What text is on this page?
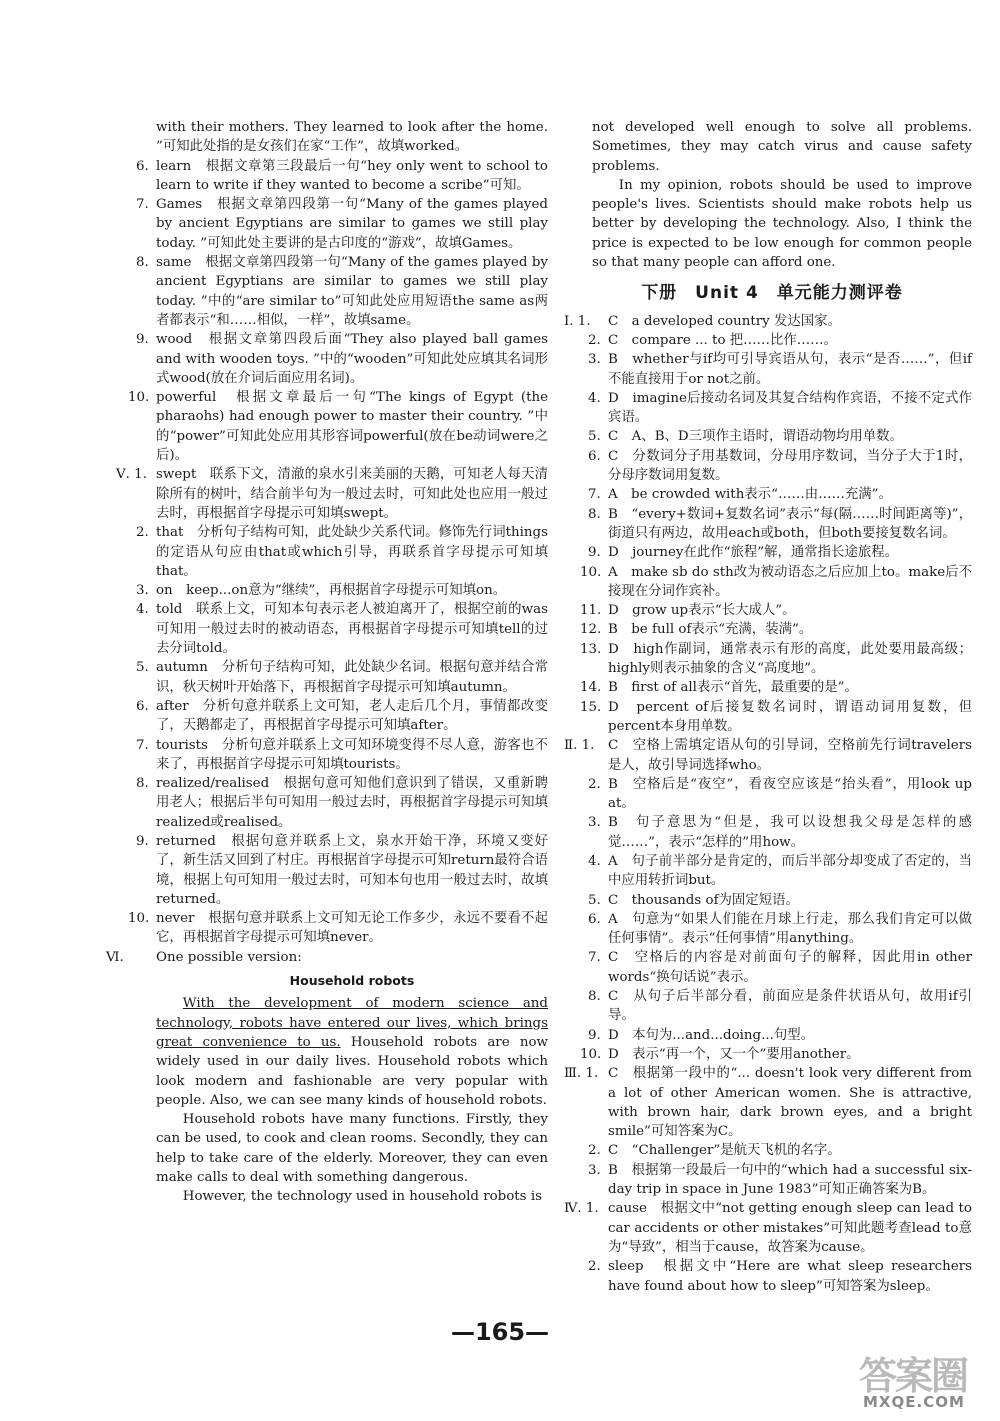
with their mothers. They learned to look after the home. ”可知此处指的是女孩们在家“工作”，故填worked。

6. learn　根据文章第三段最后一句“hey only went to school to learn to write if they wanted to become a scribe”可知。

7. Games　根据文章第四段第一句“Many of the games played by ancient Egyptians are similar to games we still play today. ”可知此处主要讲的是古印度的“游戏”，故填Games。

8. same　根据文章第四段第一句“Many of the games played by ancient Egyptians are similar to games we still play today. ”中的“are similar to”可知此处应用短语the same as两者都表示“和……相似，一样”，故填same。

9. wood　根据文章第四段后面“They also played ball games and with wooden toys. ”中的“wooden”可知此处应填其名词形式wood(放在介词后面应用名词)。

10. powerful　根据文章最后一句“The kings of Egypt (the pharaohs) had enough power to master their country. ”中的“power”可知此处应用其形容词powerful(放在be动词were之后)。

Ⅴ. 1. swept　联系下文，清澈的泉水引来美丽的天鹅，可知老人每天清除所有的树叶，结合前半句为一般过去时，可知此处也应用一般过去时，再根据首字母提示可知填swept。

2. that　分析句子结构可知，此处缺少关系代词。修饰先行词things的定语从句应由that或which引导，再联系首字母提示可知填that。

3. on　keep...on意为“继续”，再根据首字母提示可知填on。

4. told　联系上文，可知本句表示老人被迫离开了，根据空前的was可知用一般过去时的被动语态，再根据首字母提示可知填tell的过去分词told。

5. autumn　分析句子结构可知，此处缺少名词。根据句意并结合常识，秋天树叶开始落下，再根据首字母提示可知填autumn。

6. after　分析句意并联系上文可知，老人走后几个月，事情都改变了，天鹅都走了，再根据首字母提示可知填after。

7. tourists　分析句意并联系上文可知环境变得不尽人意，游客也不来了，再根据首字母提示可知填tourists。

8. realized/realised　根据句意可知他们意识到了错误，又重新聘用老人；根据后半句可知用一般过去时，再根据首字母提示可知填realized或realised。

9. returned　根据句意并联系上文，泉水开始干净，环境又变好了，新生活又回到了村庄。再根据首字母提示可知return最符合语境，根据上句可知用一般过去时，可知本句也用一般过去时，故填returned。

10. never　根据句意并联系上文可知无论工作多少，永远不要看不起它，再根据首字母提示可知填never。

Ⅵ. One possible version:

Household robots

With the development of modern science and technology, robots have entered our lives, which brings great convenience to us. Household robots are now widely used in our daily lives. Household robots which look modern and fashionable are very popular with people. Also, we can see many kinds of household robots.

Household robots have many functions. Firstly, they can be used, to cook and clean rooms. Secondly, they can help to take care of the elderly. Moreover, they can even make calls to deal with something dangerous.

However, the technology used in household robots is

not developed well enough to solve all problems. Sometimes, they may catch virus and cause safety problems.

In my opinion, robots should be used to improve people's lives. Scientists should make robots help us better by developing the technology. Also, I think the price is expected to be low enough for common people so that many people can afford one.

下册　Unit 4　单元能力测评卷

Ⅰ. 1. C　a developed country 发达国家。

2. C　compare ... to 把……比作……。

3. B　whether与if均可引导宾语从句，表示“是否……”，但if不能直接用于or not之前。

4. D　imagine后接动名词及其复合结构作宾语，不接不定式作宾语。

5. C　A、B、D三项作主语时，谓语动物均用单数。

6. C　分数词分子用基数词，分母用序数词，当分子大于1时，分母序数词用复数。

7. A　be crowded with表示“……由……充满”。

8. B　“every+数词+复数名词”表示“每(隔……时间距离等)”，街道只有两边，故用each或both，但both要接复数名词。

9. D　journey在此作“旅程”解，通常指长途旅程。

10. A　make sb do sth改为被动语态之后应加上to。make后不接现在分词作宾补。

11. D　grow up表示“长大成人”。

12. B　be full of表示“充满，装满”。

13. D　high作副词，通常表示有形的高度，此处要用最高级；highly则表示抽象的含义“高度地”。

14. B　first of all表示“首先，最重要的是”。

15. D　percent of后接复数名词时，谓语动词用复数，但percent本身用单数。

Ⅱ. 1. C　空格上需填定语从句的引导词，空格前先行词travelers是人，故引导词选择who。

2. B　空格后是“夜空”，看夜空应该是“抬头看”，用look up at。

3. B　句子意思为“但是，我可以设想我父母是怎样的感觉……”，表示“怎样的”用how。

4. A　句子前半部分是肯定的，而后半部分却变成了否定的，当中应用转折词but。

5. C　thousands of为固定短语。

6. A　句意为“如果人们能在月球上行走，那么我们肯定可以做任何事情”。表示“任何事情”用anything。

7. C　空格后的内容是对前面句子的解释，因此用in other words“换句话说”表示。

8. C　从句子后半部分看，前面应是条件状语从句，故用if引导。

9. D　本句为...and...doing...句型。

10. D　表示“再一个，又一个”要用another。

Ⅲ. 1. C　根据第一段中的“... doesn't look very different from a lot of other American women. She is attractive, with brown hair, dark brown eyes, and a bright smile”可知答案为C。

2. C　“Challenger”是航天飞机的名字。

3. B　根据第一段最后一句中的“which had a successful six-day trip in space in June 1983”可知正确答案为B。

Ⅳ. 1. cause　根据文中“not getting enough sleep can lead to car accidents or other mistakes”可知此题考查lead to意为“导致”，相当于cause，故答案为cause。

2. sleep　根据文中“Here are what sleep researchers have found about how to sleep”可知答案为sleep。

—165—
答案圈
MXQE.COM
